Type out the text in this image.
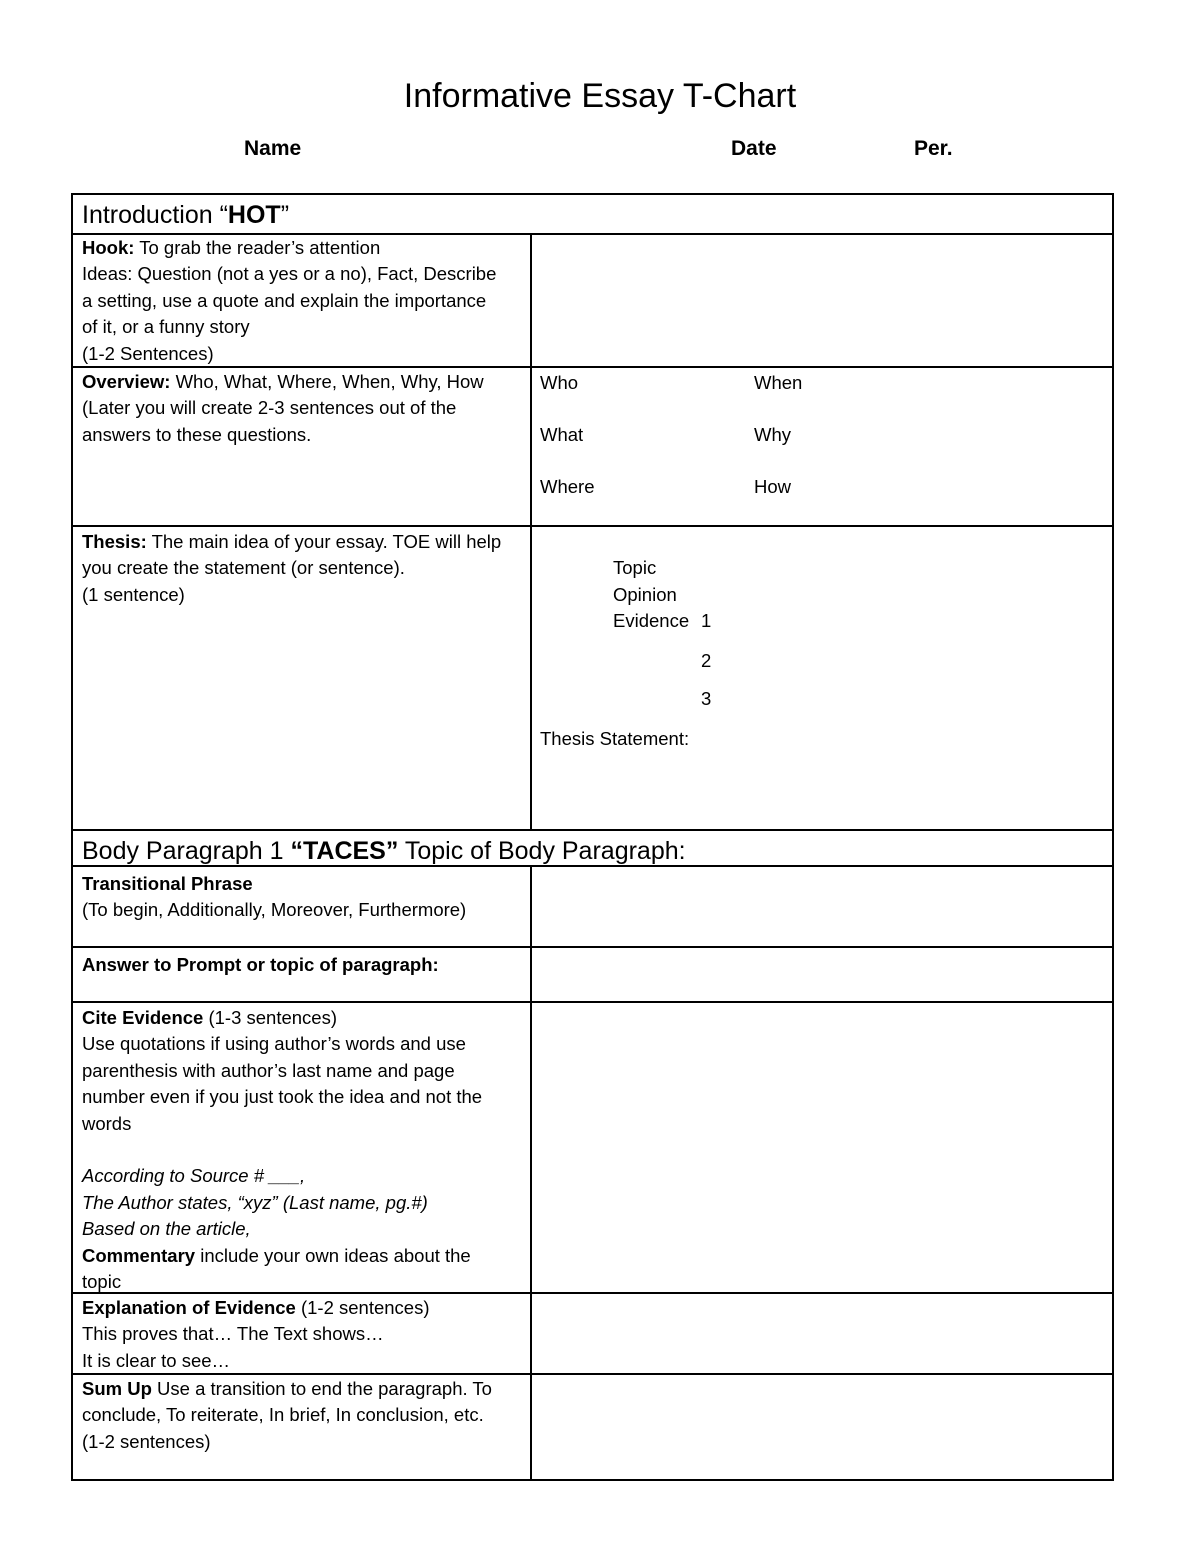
Informative Essay T-Chart
Name	Date	Per.
Introduction “HOT”
Hook: To grab the reader’s attention
Ideas: Question (not a yes or a no), Fact, Describe
a setting, use a quote and explain the importance
of it, or a funny story
(1-2 Sentences)
Overview: Who, What, Where, When, Why, How
(Later you will create 2-3 sentences out of the
answers to these questions.
Who
What
Where
When
Why
How
Thesis: The main idea of your essay. TOE will help
you create the statement (or sentence).
(1 sentence)
Topic
Opinion
Evidence 1
2
3
Thesis Statement:
Body Paragraph 1 “TACES” Topic of Body Paragraph:
Transitional Phrase
(To begin, Additionally, Moreover, Furthermore)
Answer to Prompt or topic of paragraph:
Cite Evidence (1-3 sentences)
Use quotations if using author’s words and use
parenthesis with author’s last name and page
number even if you just took the idea and not the
words

According to Source # ___,
The Author states, “xyz” (Last name, pg.#)
Based on the article,
Commentary include your own ideas about the
topic
Explanation of Evidence (1-2 sentences)
This proves that… The Text shows…
It is clear to see…
Sum Up Use a transition to end the paragraph. To
conclude, To reiterate, In brief, In conclusion, etc.
(1-2 sentences)
